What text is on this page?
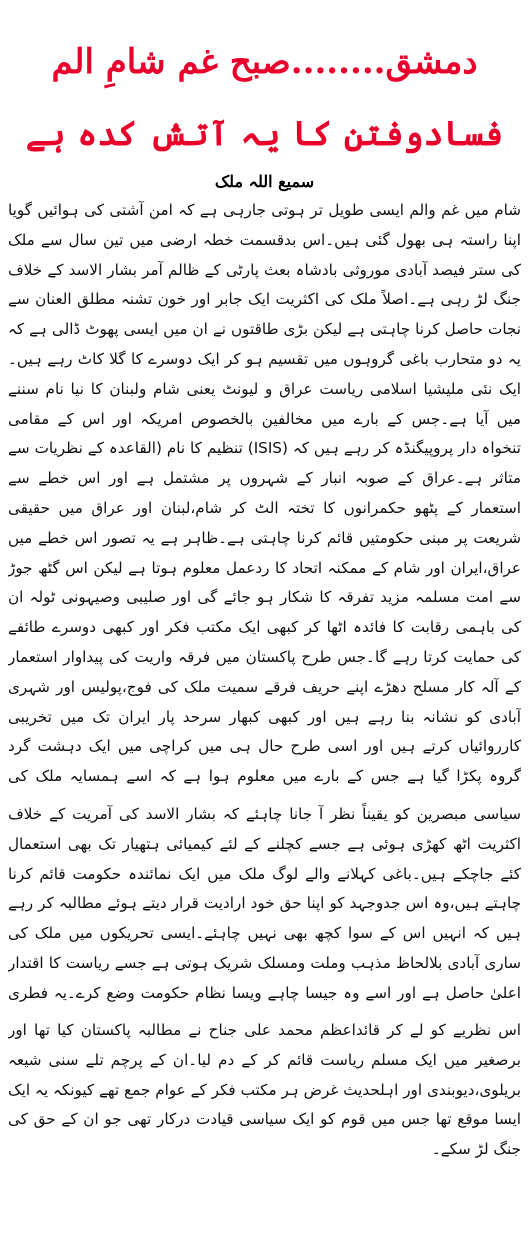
دمشق........صبح غم شامِ الم
فسادوفتن کا یہ آتش کدہ ہے
سمیع اللہ ملک

شام میں غم والم ایسی طویل تر ہوتی جارہی ہے کہ امن آشتی کی ہوائیں گویا اپنا راستہ ہی بھول گئی ہیں۔اس بدقسمت خطہ ارضی میں تین سال سے ملک کی ستر فیصد آبادی موروثی بادشاہ بعث پارٹی کے ظالم آمر بشار الاسد کے خلاف جنگ لڑ رہی ہے۔اصلاً ملک کی اکثریت ایک جابر اور خون تشنہ مطلق العنان سے نجات حاصل کرنا چاہتی ہے لیکن بڑی طاقتوں نے ان میں ایسی پھوٹ ڈالی ہے کہ یہ دو متحارب باغی گروہوں میں تقسیم ہو کر ایک دوسرے کا گلا کاٹ رہے ہیں۔ایک نئی ملیشیا اسلامی ریاست عراق و لیونٹ یعنی شام ولبنان کا نیا نام سننے میں آیا ہے۔جس کے بارے میں مخالفین بالخصوص امریکہ اور اس کے مقامی تنخواہ دار پروپیگنڈہ کر رہے ہیں کہ (ISIS) تنظیم کا نام (القاعدہ کے نظریات سے متاثر ہے۔عراق کے صوبہ انبار کے شہروں پر مشتمل ہے اور اس خطے سے استعمار کے پٹھو حکمرانوں کا تختہ الٹ کر شام،لبنان اور عراق میں حقیقی شریعت پر مبنی حکومتیں قائم کرنا چاہتی ہے۔ظاہر ہے یہ تصور اس خطے میں عراق،ایران اور شام کے ممکنہ اتحاد کا ردعمل معلوم ہوتا ہے لیکن اس گٹھ جوڑ سے امت مسلمہ مزید تفرقہ کا شکار ہو جائے گی اور صلیبی وصیہونی ٹولہ ان کی باہمی رقابت کا فائدہ اٹھا کر کبھی ایک مکتب فکر اور کبھی دوسرے طائفے کی حمایت کرتا رہے گا۔جس طرح پاکستان میں فرقہ واریت کی پیداوار استعمار کے آلہ کار مسلح دھڑے اپنے حریف فرقے سمیت ملک کی فوج،پولیس اور شہری آبادی کو نشانہ بنا رہے ہیں اور کبھی کبھار سرحد پار ایران تک میں تخریبی کارروائیاں کرتے ہیں اور اسی طرح حال ہی میں کراچی میں ایک دہشت گرد گروہ پکڑا گیا ہے جس کے بارے میں معلوم ہوا ہے کہ اسے ہمسایہ ملک کی

سیاسی مبصرین کو یقیناً نظر آ جانا چاہئے کہ بشار الاسد کی آمریت کے خلاف اکثریت اٹھ کھڑی ہوئی ہے جسے کچلنے کے لئے کیمیائی ہتھیار تک بھی استعمال کئے جاچکے ہیں۔باغی کہلانے والے لوگ ملک میں ایک نمائندہ حکومت قائم کرنا چاہتے ہیں،وہ اس جدوجہد کو اپنا حق خود ارادیت قرار دیتے ہوئے مطالبہ کر رہے ہیں کہ انہیں اس کے سوا کچھ بھی نہیں چاہئے۔ایسی تحریکوں میں ملک کی ساری آبادی بلالحاظ مذہب وملت ومسلک شریک ہوتی ہے جسے ریاست کا اقتدار اعلیٰ حاصل ہے اور اسے وہ جیسا چاہے ویسا نظام حکومت وضع کرے۔یہ فطری

اس نظریے کو لے کر قائداعظم محمد علی جناح نے مطالبہ پاکستان کیا تھا اور برصغیر میں ایک مسلم ریاست قائم کر کے دم لیا۔ان کے پرچم تلے سنی شیعہ بریلوی،دیوبندی اور اہلحدیث غرض ہر مکتب فکر کے عوام جمع تھے کیونکہ یہ ایک ایسا موقع تھا جس میں قوم کو ایک سیاسی قیادت درکار تھی جو ان کے حق کی جنگ لڑ سکے۔
